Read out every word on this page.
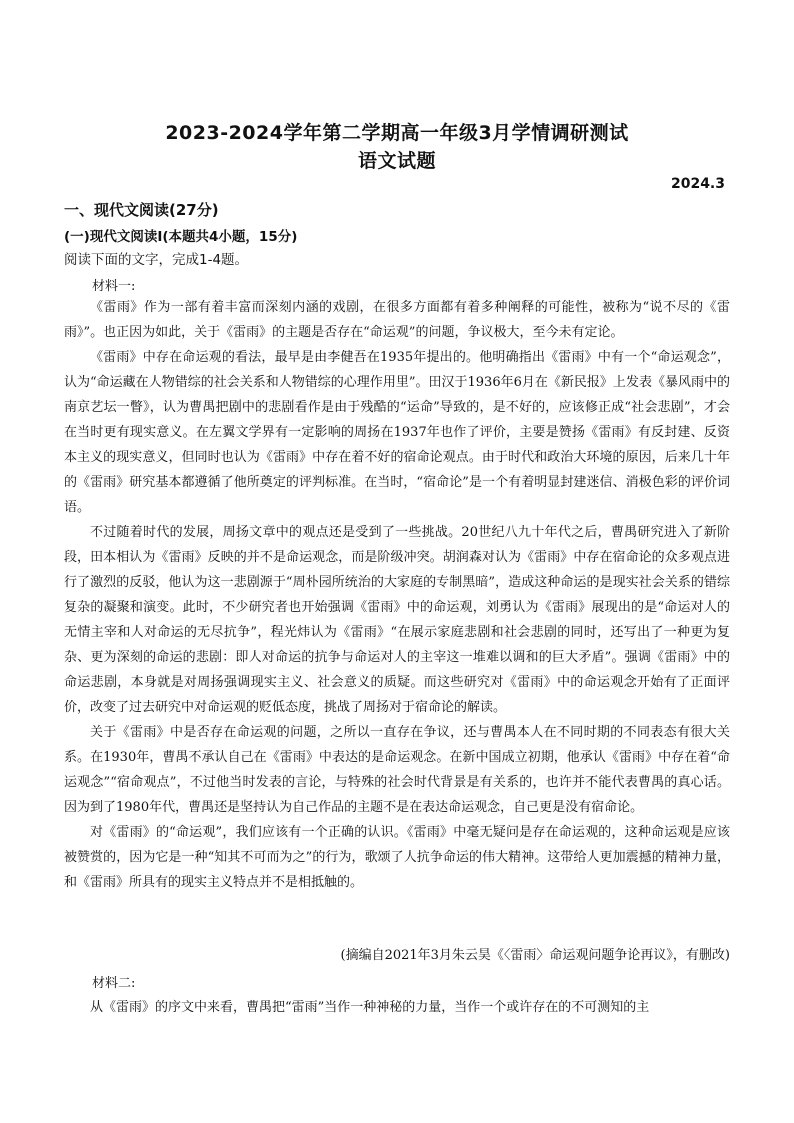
2023-2024学年第二学期高一年级3月学情调研测试
语文试题
2024.3
一、现代文阅读(27分)
(一)现代文阅读I(本题共4小题，15分)
阅读下面的文字，完成1-4题。
材料一:

《雷雨》作为一部有着丰富而深刻内涵的戏剧，在很多方面都有着多种阐释的可能性，被称为“说不尽的《雷雨》”。也正因为如此，关于《雷雨》的主题是否存在“命运观”的问题，争议极大，至今未有定论。

《雷雨》中存在命运观的看法，最早是由李健吾在1935年提出的。他明确指出《雷雨》中有一个“命运观念”，认为“命运藏在人物错综的社会关系和人物错综的心理作用里”。田汉于1936年6月在《新民报》上发表《暴风雨中的南京艺坛一瞥》，认为曹禺把剧中的悲剧看作是由于残酷的“运命”导致的，是不好的，应该修正成“社会悲剧”，才会在当时更有现实意义。在左翼文学界有一定影响的周扬在1937年也作了评价，主要是赞扬《雷雨》有反封建、反资本主义的现实意义，但同时也认为《雷雨》中存在着不好的宿命论观点。由于时代和政治大环境的原因，后来几十年的《雷雨》研究基本都遵循了他所奠定的评判标准。在当时，“宿命论”是一个有着明显封建迷信、消极色彩的评价词语。

不过随着时代的发展，周扬文章中的观点还是受到了一些挑战。20世纪八九十年代之后，曹禺研究进入了新阶段，田本相认为《雷雨》反映的并不是命运观念，而是阶级冲突。胡润森对认为《雷雨》中存在宿命论的众多观点进行了激烈的反驳，他认为这一悲剧源于“周朴园所统治的大家庭的专制黑暗”，造成这种命运的是现实社会关系的错综复杂的凝聚和演变。此时，不少研究者也开始强调《雷雨》中的命运观，刘勇认为《雷雨》展现出的是“命运对人的无情主宰和人对命运的无尽抗争”，程光炜认为《雷雨》“在展示家庭悲剧和社会悲剧的同时，还写出了一种更为复杂、更为深刻的命运的悲剧：即人对命运的抗争与命运对人的主宰这一堆难以调和的巨大矛盾”。强调《雷雨》中的命运悲剧，本身就是对周扬强调现实主义、社会意义的质疑。而这些研究对《雷雨》中的命运观念开始有了正面评价，改变了过去研究中对命运观的贬低态度，挑战了周扬对于宿命论的解读。

关于《雷雨》中是否存在命运观的问题，之所以一直存在争议，还与曹禺本人在不同时期的不同表态有很大关系。在1930年，曹禺不承认自己在《雷雨》中表达的是命运观念。在新中国成立初期，他承认《雷雨》中存在着“命运观念”“宿命观点”，不过他当时发表的言论，与特殊的社会时代背景是有关系的，也许并不能代表曹禺的真心话。因为到了1980年代，曹禺还是坚持认为自己作品的主题不是在表达命运观念，自己更是没有宿命论。

对《雷雨》的“命运观”，我们应该有一个正确的认识。《雷雨》中毫无疑问是存在命运观的，这种命运观是应该被赞赏的，因为它是一种“知其不可而为之”的行为，歌颂了人抗争命运的伟大精神。这带给人更加震撼的精神力量，和《雷雨》所具有的现实主义特点并不是相抵触的。

(摘编自2021年3月朱云昊《〈雷雨〉命运观问题争论再议》，有删改)
材料二:

从《雷雨》的序文中来看，曹禺把“雷雨”当作一种神秘的力量，当作一个或许存在的不可测知的主
